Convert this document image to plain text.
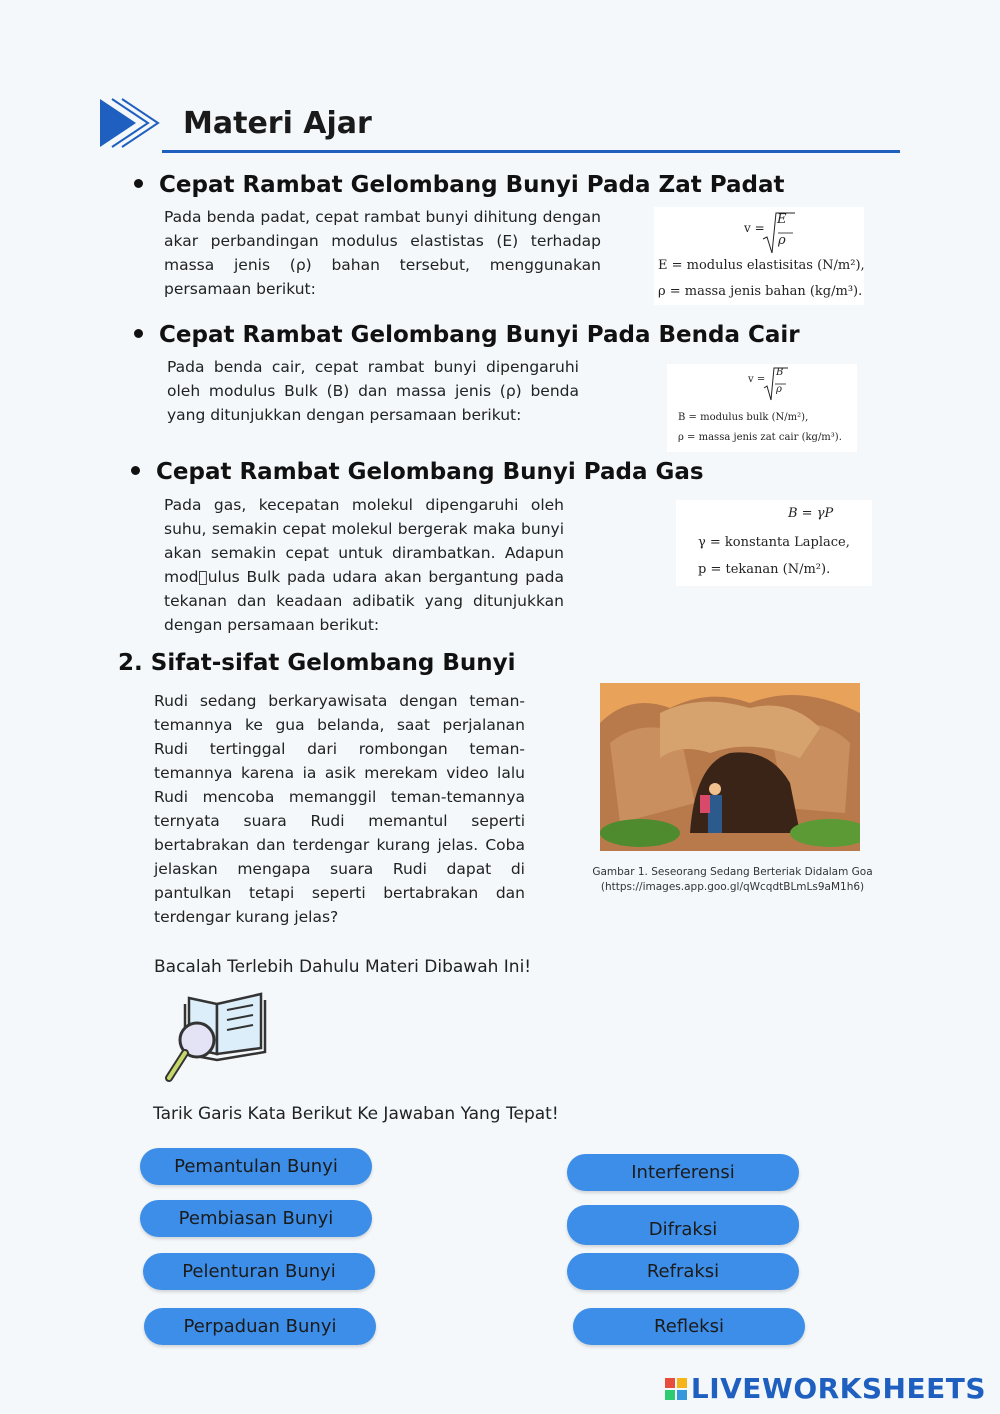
Materi Ajar
Cepat Rambat Gelombang Bunyi Pada Zat Padat
Pada benda padat, cepat rambat bunyi dihitung dengan akar perbandingan modulus elastistas (E) terhadap massa jenis (ρ) bahan tersebut, menggunakan persamaan berikut:
v =
E
ρ
E = modulus elastisitas (N/m²),
ρ = massa jenis bahan (kg/m³).
Cepat Rambat Gelombang Bunyi Pada Benda Cair
Pada benda cair, cepat rambat bunyi dipengaruhi oleh modulus Bulk (B) dan massa jenis (ρ) benda yang ditunjukkan dengan persamaan berikut:
v =
B
ρ
B = modulus bulk (N/m²),
ρ = massa jenis zat cair (kg/m³).
Cepat Rambat Gelombang Bunyi Pada Gas
Pada gas, kecepatan molekul dipengaruhi oleh suhu, semakin cepat molekul bergerak maka bunyi akan semakin cepat untuk dirambatkan. Adapun mod ulus Bulk pada udara akan bergantung pada tekanan dan keadaan adibatik yang ditunjukkan dengan persamaan berikut:
B = γP
γ = konstanta Laplace,
p = tekanan (N/m²).
2. Sifat-sifat Gelombang Bunyi
Rudi sedang berkaryawisata dengan teman-temannya ke gua belanda, saat perjalanan Rudi tertinggal dari rombongan teman-temannya karena ia asik merekam video lalu Rudi mencoba memanggil teman-temannya ternyata suara Rudi memantul seperti bertabrakan dan terdengar kurang jelas. Coba jelaskan mengapa suara Rudi dapat di pantulkan tetapi seperti bertabrakan dan terdengar kurang jelas?
Gambar 1. Seseorang Sedang Berteriak Didalam Goa
(https://images.app.goo.gl/qWcqdtBLmLs9aM1h6)
Bacalah Terlebih Dahulu Materi Dibawah Ini!
Tarik Garis Kata Berikut Ke Jawaban Yang Tepat!
Pemantulan Bunyi
Pembiasan Bunyi
Pelenturan Bunyi
Perpaduan Bunyi
Interferensi
Difraksi
Refraksi
Refleksi
LIVEWORKSHEETS
